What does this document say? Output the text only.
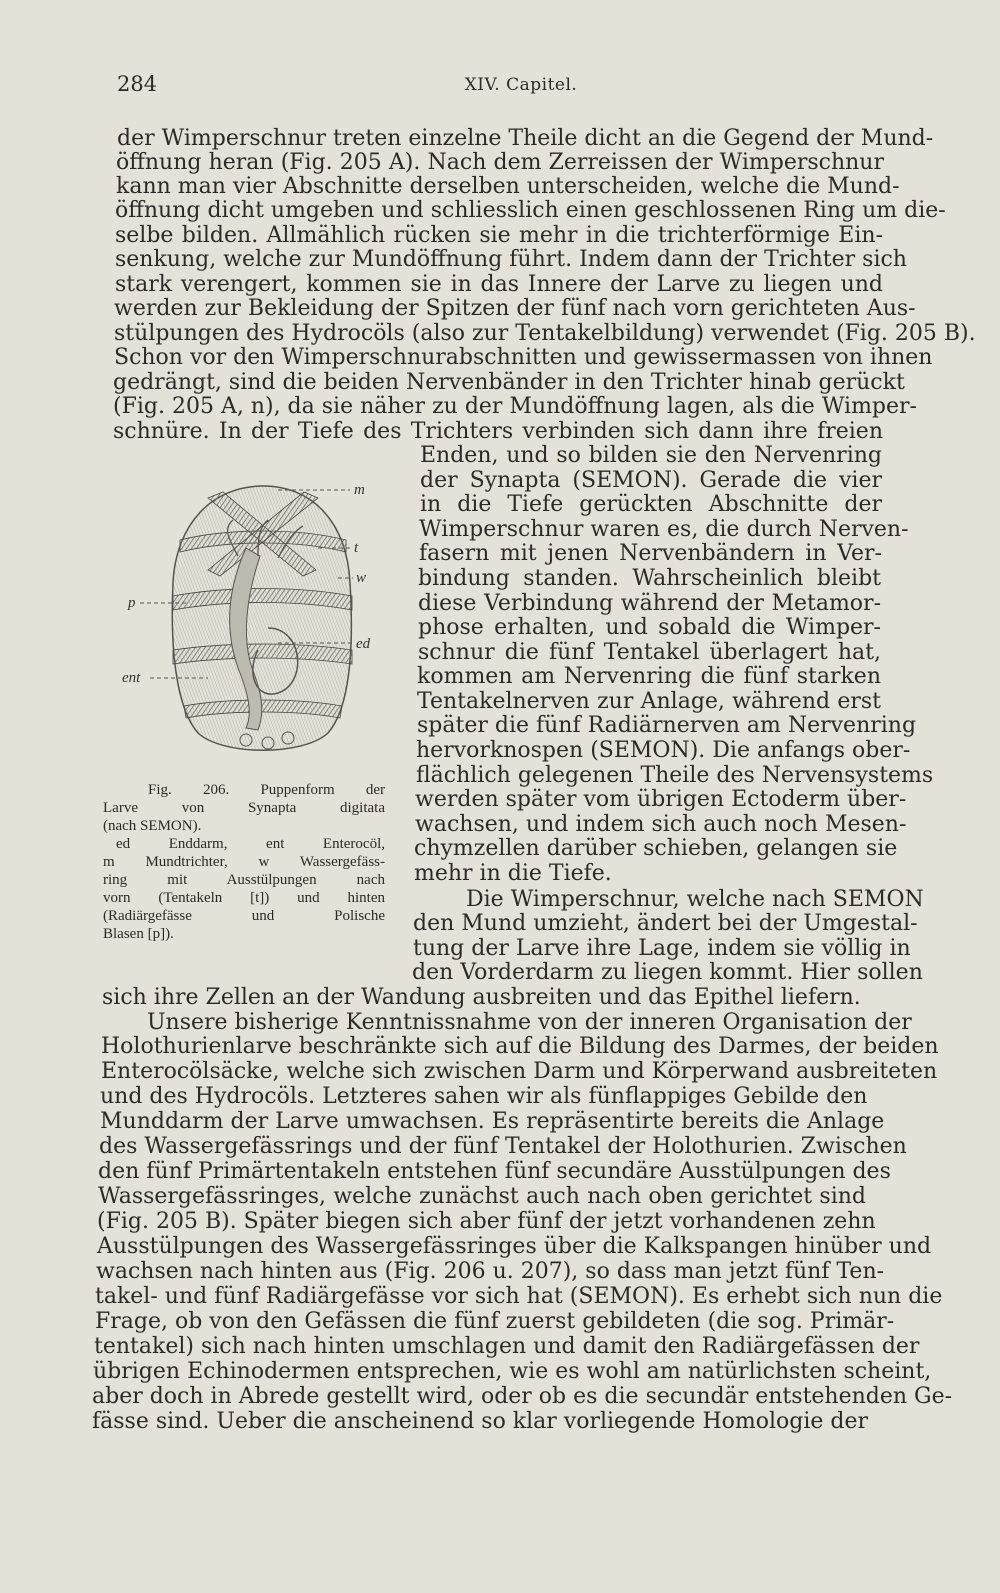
284	XIV. Capitel.

der Wimperschnur treten einzelne Theile dicht an die Gegend der Mund-

öffnung heran (Fig. 205 A). Nach dem Zerreissen der Wimperschnur

kann man vier Abschnitte derselben unterscheiden, welche die Mund-

öffnung dicht umgeben und schliesslich einen geschlossenen Ring um die-

selbe bilden. Allmählich rücken sie mehr in die trichterförmige Ein-

senkung, welche zur Mundöffnung führt. Indem dann der Trichter sich

stark verengert, kommen sie in das Innere der Larve zu liegen und

werden zur Bekleidung der Spitzen der fünf nach vorn gerichteten Aus-

stülpungen des Hydrocöls (also zur Tentakelbildung) verwendet (Fig. 205 B).

Schon vor den Wimperschnurabschnitten und gewissermassen von ihnen

gedrängt, sind die beiden Nervenbänder in den Trichter hinab gerückt

(Fig. 205 A, n), da sie näher zu der Mundöffnung lagen, als die Wimper-

schnüre. In der Tiefe des Trichters verbinden sich dann ihre freien

m
t
w
ed
p
ent

Enden, und so bilden sie den Nervenring

der Synapta (SEMON). Gerade die vier

in die Tiefe gerückten Abschnitte der

Wimperschnur waren es, die durch Nerven-

fasern mit jenen Nervenbändern in Ver-

bindung standen. Wahrscheinlich bleibt

diese Verbindung während der Metamor-

phose erhalten, und sobald die Wimper-

schnur die fünf Tentakel überlagert hat,

kommen am Nervenring die fünf starken

Tentakelnerven zur Anlage, während erst

später die fünf Radiärnerven am Nervenring

hervorknospen (SEMON). Die anfangs ober-

flächlich gelegenen Theile des Nervensystems

werden später vom übrigen Ectoderm über-

wachsen, und indem sich auch noch Mesen-

chymzellen darüber schieben, gelangen sie

mehr in die Tiefe.

Die Wimperschnur, welche nach SEMON

den Mund umzieht, ändert bei der Umgestal-

tung der Larve ihre Lage, indem sie völlig in

den Vorderdarm zu liegen kommt. Hier sollen

Fig. 206. Puppenform der
Larve von Synapta digitata
(nach SEMON).
ed Enddarm, ent Enterocöl,
m Mundtrichter, w Wassergefäss-
ring mit Ausstülpungen nach
vorn (Tentakeln [t]) und hinten
(Radiärgefässe und Polische
Blasen [p]).

sich ihre Zellen an der Wandung ausbreiten und das Epithel liefern.

Unsere bisherige Kenntnissnahme von der inneren Organisation der

Holothurienlarve beschränkte sich auf die Bildung des Darmes, der beiden

Enterocölsäcke, welche sich zwischen Darm und Körperwand ausbreiteten

und des Hydrocöls. Letzteres sahen wir als fünflappiges Gebilde den

Munddarm der Larve umwachsen. Es repräsentirte bereits die Anlage

des Wassergefässrings und der fünf Tentakel der Holothurien. Zwischen

den fünf Primärtentakeln entstehen fünf secundäre Ausstülpungen des

Wassergefässringes, welche zunächst auch nach oben gerichtet sind

(Fig. 205 B). Später biegen sich aber fünf der jetzt vorhandenen zehn

Ausstülpungen des Wassergefässringes über die Kalkspangen hinüber und

wachsen nach hinten aus (Fig. 206 u. 207), so dass man jetzt fünf Ten-

takel- und fünf Radiärgefässe vor sich hat (SEMON). Es erhebt sich nun die

Frage, ob von den Gefässen die fünf zuerst gebildeten (die sog. Primär-

tentakel) sich nach hinten umschlagen und damit den Radiärgefässen der

übrigen Echinodermen entsprechen, wie es wohl am natürlichsten scheint,

aber doch in Abrede gestellt wird, oder ob es die secundär entstehenden Ge-

fässe sind. Ueber die anscheinend so klar vorliegende Homologie der
